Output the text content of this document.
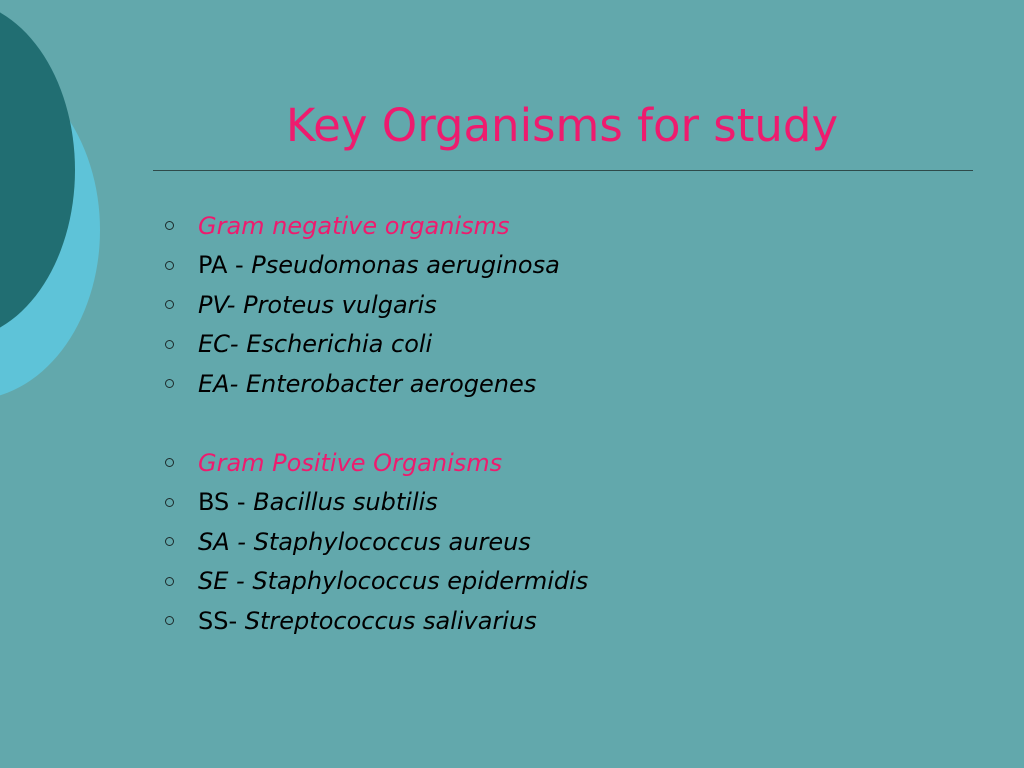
Key Organisms for study
Gram negative organisms
PA - Pseudomonas aeruginosa
PV- Proteus vulgaris
EC- Escherichia coli
EA- Enterobacter aerogenes
Gram Positive Organisms
BS - Bacillus subtilis
SA - Staphylococcus aureus
SE - Staphylococcus epidermidis
SS- Streptococcus salivarius
